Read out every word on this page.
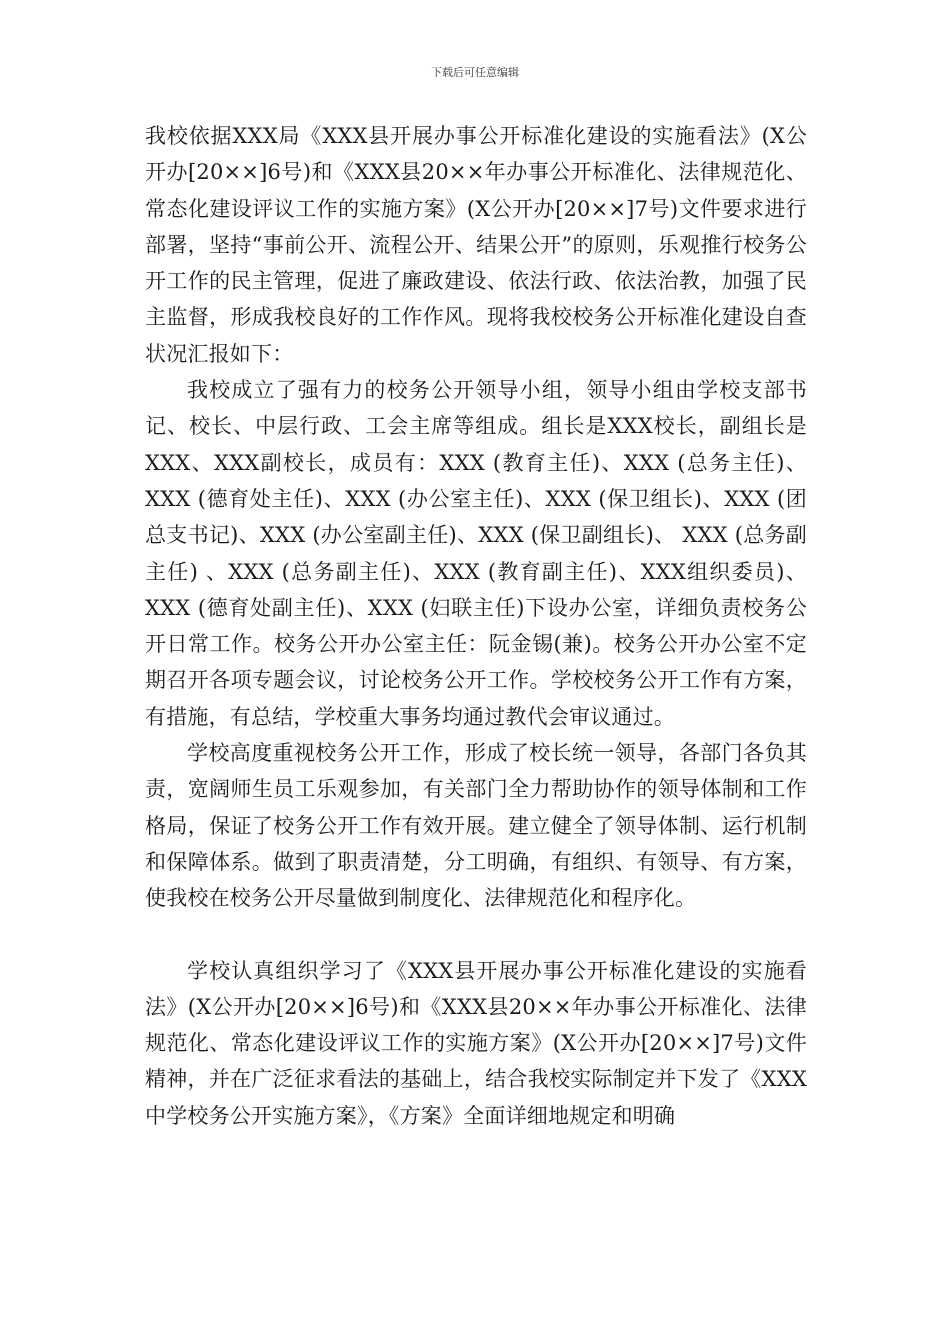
下载后可任意编辑

我校依据XXX局《XXX县开展办事公开标准化建设的实施看法》(X公开办[20××]6号)和《XXX县20××年办事公开标准化、法律规范化、常态化建设评议工作的实施方案》(X公开办[20××]7号)文件要求进行部署，坚持“事前公开、流程公开、结果公开”的原则，乐观推行校务公开工作的民主管理，促进了廉政建设、依法行政、依法治教，加强了民主监督，形成我校良好的工作作风。现将我校校务公开标准化建设自查状况汇报如下：

我校成立了强有力的校务公开领导小组，领导小组由学校支部书记、校长、中层行政、工会主席等组成。组长是XXX校长，副组长是XXX、XXX副校长，成员有：XXX (教育主任)、XXX (总务主任)、XXX (德育处主任)、XXX (办公室主任)、XXX (保卫组长)、XXX (团总支书记)、XXX (办公室副主任)、XXX (保卫副组长)、 XXX (总务副主任) 、XXX (总务副主任)、XXX (教育副主任)、XXX组织委员)、XXX (德育处副主任)、XXX (妇联主任)下设办公室，详细负责校务公开日常工作。校务公开办公室主任：阮金锡(兼)。校务公开办公室不定期召开各项专题会议，讨论校务公开工作。学校校务公开工作有方案，有措施，有总结，学校重大事务均通过教代会审议通过。

学校高度重视校务公开工作，形成了校长统一领导，各部门各负其责，宽阔师生员工乐观参加，有关部门全力帮助协作的领导体制和工作格局，保证了校务公开工作有效开展。建立健全了领导体制、运行机制和保障体系。做到了职责清楚，分工明确，有组织、有领导、有方案，使我校在校务公开尽量做到制度化、法律规范化和程序化。

学校认真组织学习了《XXX县开展办事公开标准化建设的实施看法》(X公开办[20××]6号)和《XXX县20××年办事公开标准化、法律规范化、常态化建设评议工作的实施方案》(X公开办[20××]7号)文件精神，并在广泛征求看法的基础上，结合我校实际制定并下发了《XXX中学校务公开实施方案》，《方案》全面详细地规定和明确
